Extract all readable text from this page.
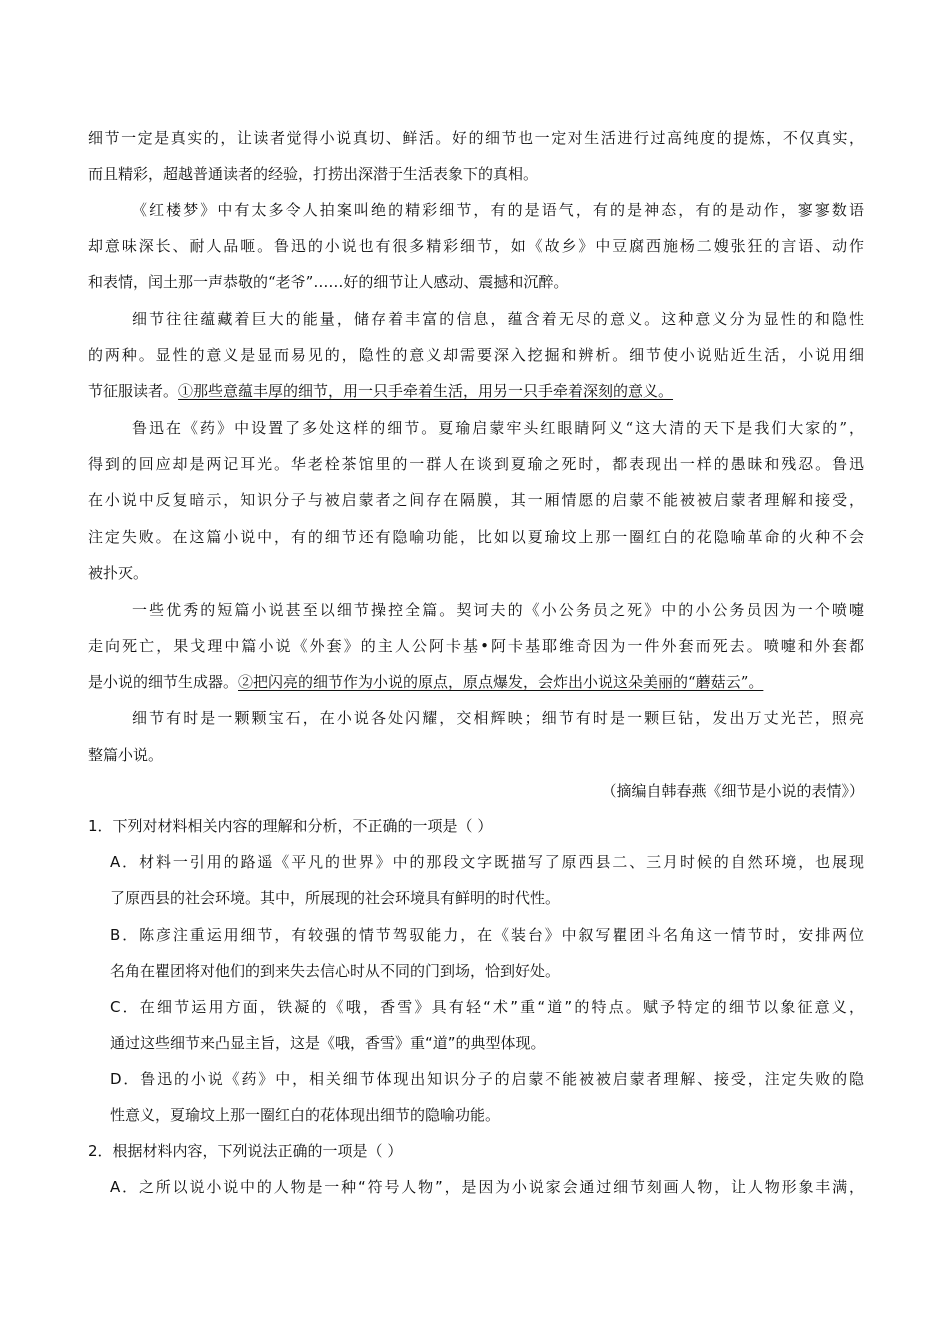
细节一定是真实的，让读者觉得小说真切、鲜活。好的细节也一定对生活进行过高纯度的提炼，不仅真实，
而且精彩，超越普通读者的经验，打捞出深潜于生活表象下的真相。
《红楼梦》中有太多令人拍案叫绝的精彩细节，有的是语气，有的是神态，有的是动作，寥寥数语
却意味深长、耐人品咂。鲁迅的小说也有很多精彩细节，如《故乡》中豆腐西施杨二嫂张狂的言语、动作
和表情，闰土那一声恭敬的“老爷”……好的细节让人感动、震撼和沉醉。
细节往往蕴藏着巨大的能量，储存着丰富的信息，蕴含着无尽的意义。这种意义分为显性的和隐性
的两种。显性的意义是显而易见的，隐性的意义却需要深入挖掘和辨析。细节使小说贴近生活，小说用细
节征服读者。①那些意蕴丰厚的细节，用一只手牵着生活，用另一只手牵着深刻的意义。
鲁迅在《药》中设置了多处这样的细节。夏瑜启蒙牢头红眼睛阿义“这大清的天下是我们大家的”，
得到的回应却是两记耳光。华老栓茶馆里的一群人在谈到夏瑜之死时，都表现出一样的愚昧和残忍。鲁迅
在小说中反复暗示，知识分子与被启蒙者之间存在隔膜，其一厢情愿的启蒙不能被被启蒙者理解和接受，
注定失败。在这篇小说中，有的细节还有隐喻功能，比如以夏瑜坟上那一圈红白的花隐喻革命的火种不会
被扑灭。
一些优秀的短篇小说甚至以细节操控全篇。契诃夫的《小公务员之死》中的小公务员因为一个喷嚏
走向死亡，果戈理中篇小说《外套》的主人公阿卡基•阿卡基耶维奇因为一件外套而死去。喷嚏和外套都
是小说的细节生成器。②把闪亮的细节作为小说的原点，原点爆发，会炸出小说这朵美丽的“蘑菇云”。
细节有时是一颗颗宝石，在小说各处闪耀，交相辉映；细节有时是一颗巨钻，发出万丈光芒，照亮
整篇小说。
（摘编自韩春燕《细节是小说的表情》）
1．下列对材料相关内容的理解和分析，不正确的一项是（ ）
A．材料一引用的路遥《平凡的世界》中的那段文字既描写了原西县二、三月时候的自然环境，也展现
了原西县的社会环境。其中，所展现的社会环境具有鲜明的时代性。
B．陈彦注重运用细节，有较强的情节驾驭能力，在《装台》中叙写瞿团斗名角这一情节时，安排两位
名角在瞿团将对他们的到来失去信心时从不同的门到场，恰到好处。
C．在细节运用方面，铁凝的《哦，香雪》具有轻“术”重“道”的特点。赋予特定的细节以象征意义，
通过这些细节来凸显主旨，这是《哦，香雪》重“道”的典型体现。
D．鲁迅的小说《药》中，相关细节体现出知识分子的启蒙不能被被启蒙者理解、接受，注定失败的隐
性意义，夏瑜坟上那一圈红白的花体现出细节的隐喻功能。
2．根据材料内容，下列说法正确的一项是（ ）
A．之所以说小说中的人物是一种“符号人物”，是因为小说家会通过细节刻画人物，让人物形象丰满，
